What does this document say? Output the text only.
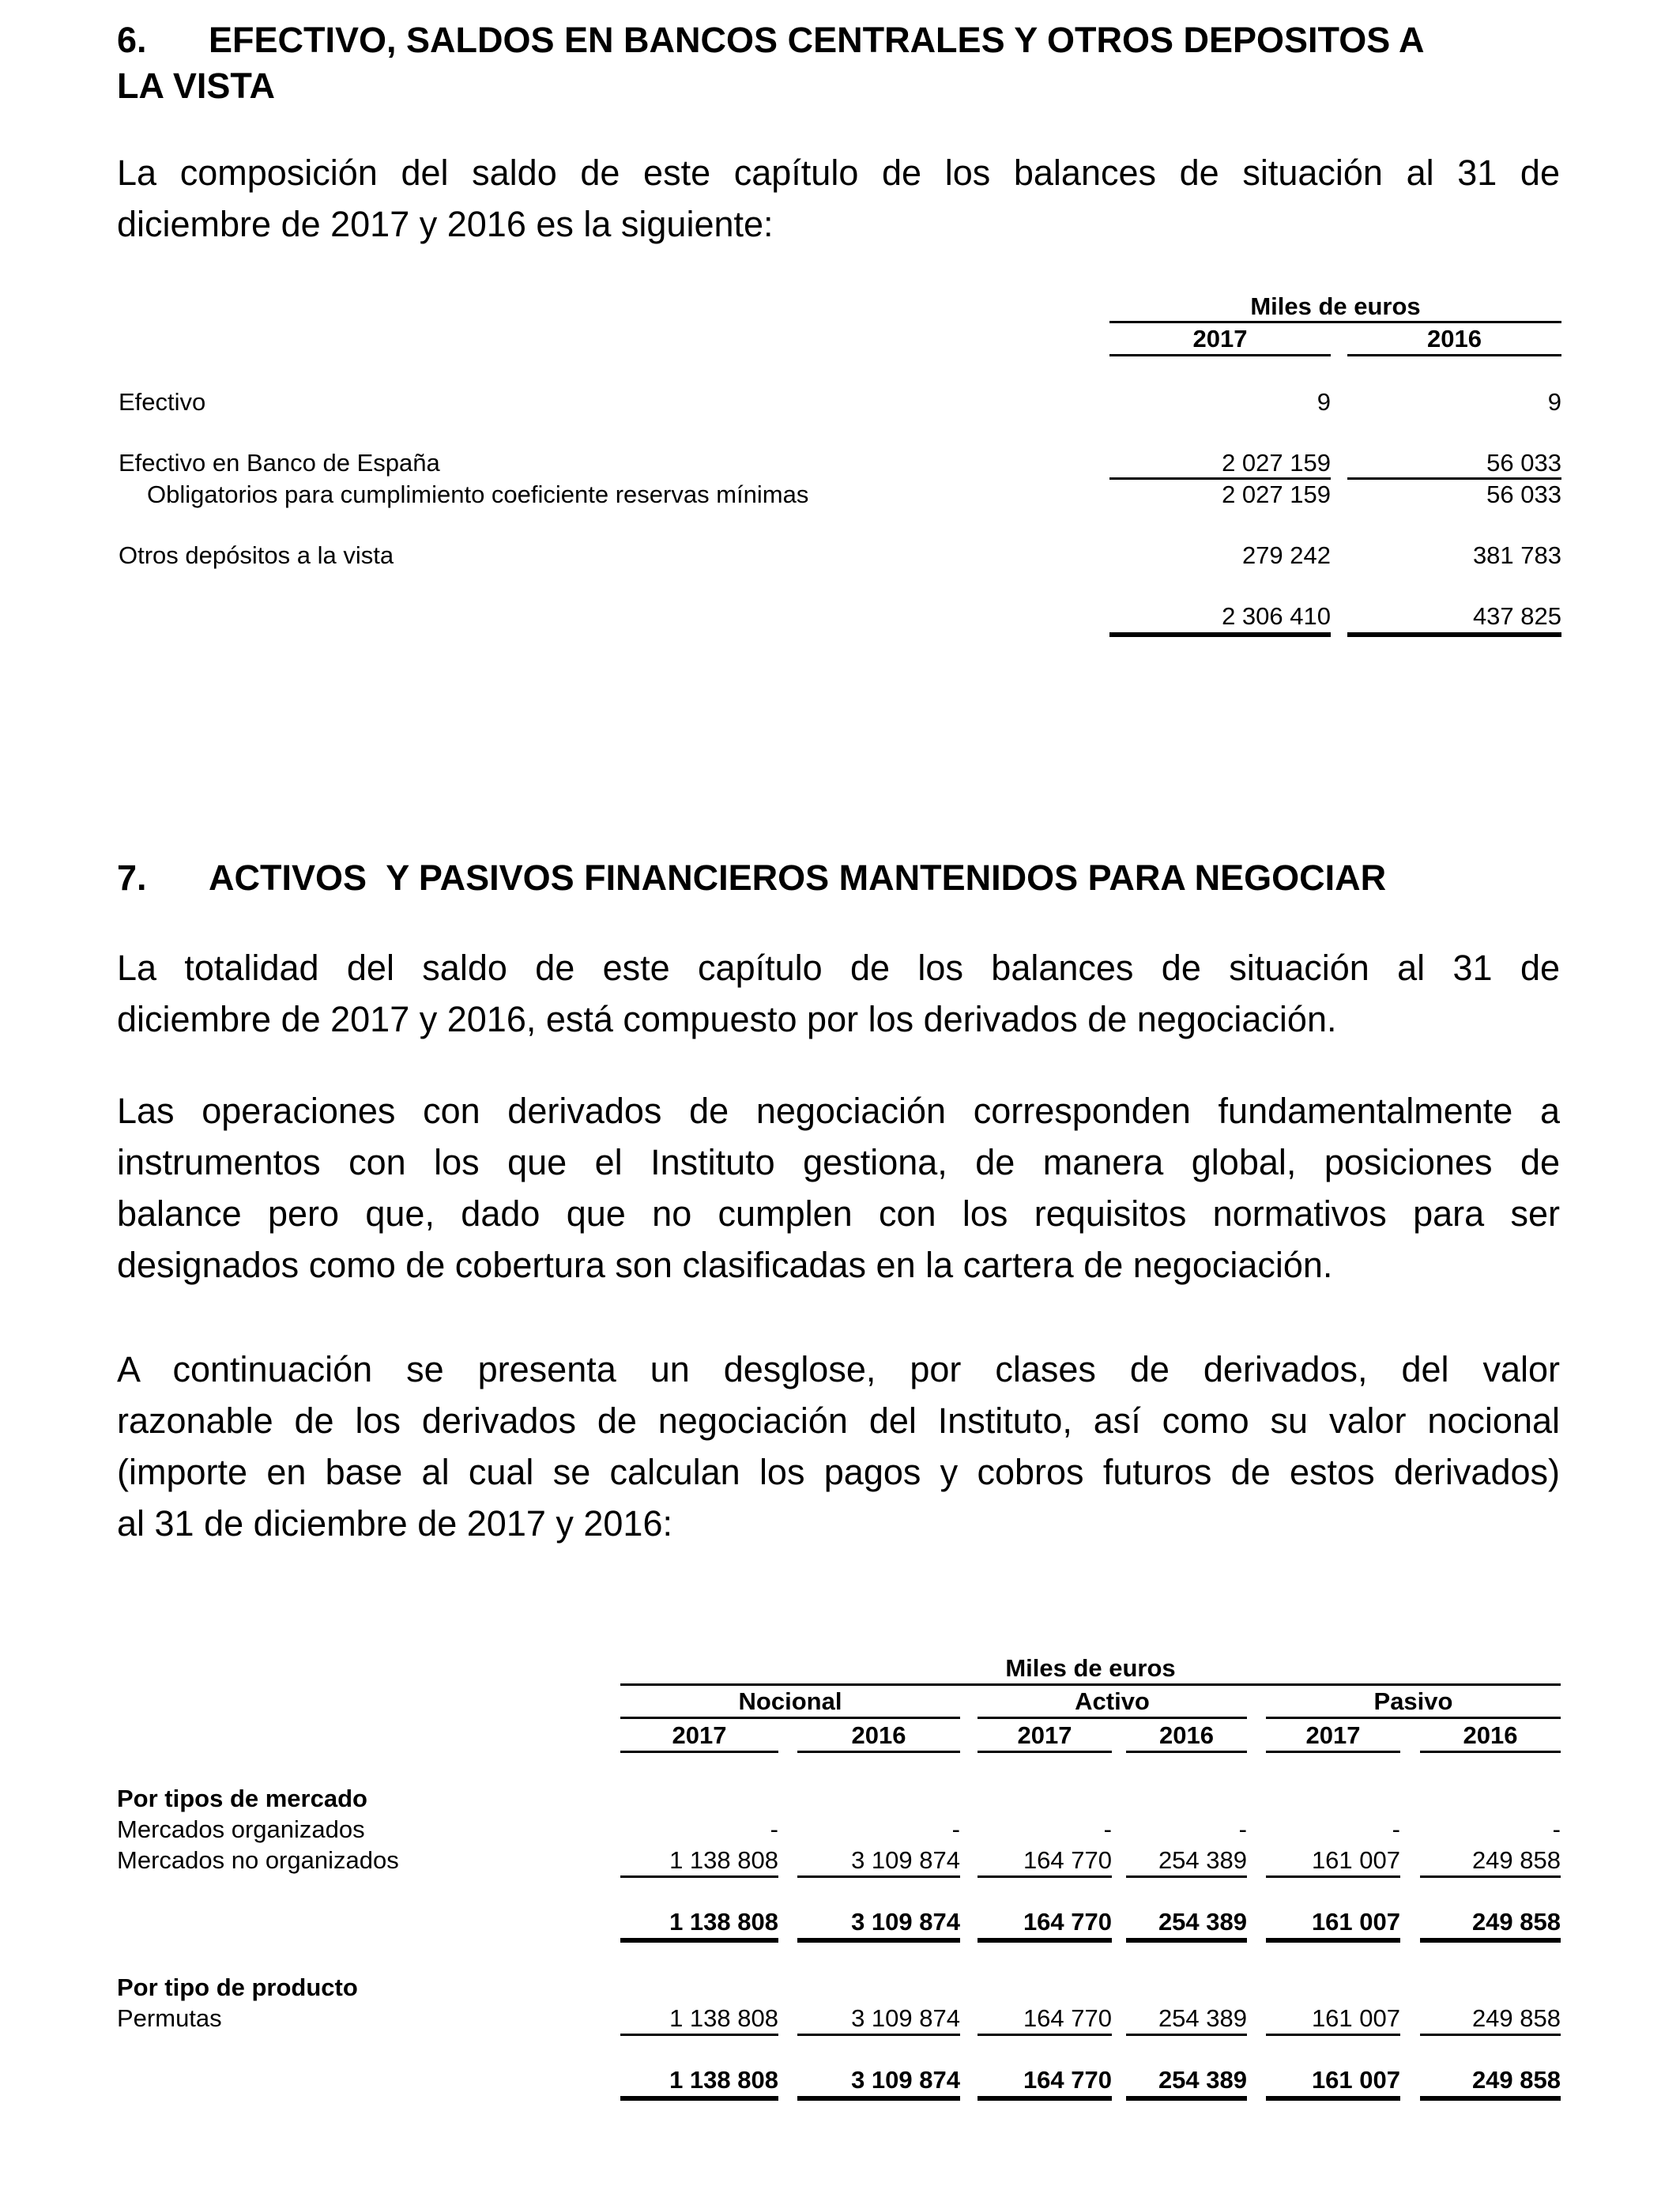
6. EFECTIVO, SALDOS EN BANCOS CENTRALES Y OTROS DEPOSITOS A
LA VISTA
La composición del saldo de este capítulo de los balances de situación al 31 de
diciembre de 2017 y 2016 es la siguiente:
Miles de euros
2017	2016
Efectivo	9	9
Efectivo en Banco de España	2 027 159	56 033
Obligatorios para cumplimiento coeficiente reservas mínimas	2 027 159	56 033
Otros depósitos a la vista	279 242	381 783
2 306 410	437 825
7. ACTIVOS  Y PASIVOS FINANCIEROS MANTENIDOS PARA NEGOCIAR
La totalidad del saldo de este capítulo de los balances de situación al 31 de
diciembre de 2017 y 2016, está compuesto por los derivados de negociación.
Las operaciones con derivados de negociación corresponden fundamentalmente a
instrumentos con los que el Instituto gestiona, de manera global, posiciones de
balance pero que, dado que no cumplen con los requisitos normativos para ser
designados como de cobertura son clasificadas en la cartera de negociación.
A continuación se presenta un desglose, por clases de derivados, del valor
razonable de los derivados de negociación del Instituto, así como su valor nocional
(importe en base al cual se calculan los pagos y cobros futuros de estos derivados)
al 31 de diciembre de 2017 y 2016:
Miles de euros
Nocional	Activo	Pasivo
2017	2016	2017	2016	2017	2016
Por tipos de mercado
Mercados organizados	-	-	-	-	-	-
Mercados no organizados	1 138 808	3 109 874	164 770	254 389	161 007	249 858
1 138 808	3 109 874	164 770	254 389	161 007	249 858
Por tipo de producto
Permutas	1 138 808	3 109 874	164 770	254 389	161 007	249 858
1 138 808	3 109 874	164 770	254 389	161 007	249 858
